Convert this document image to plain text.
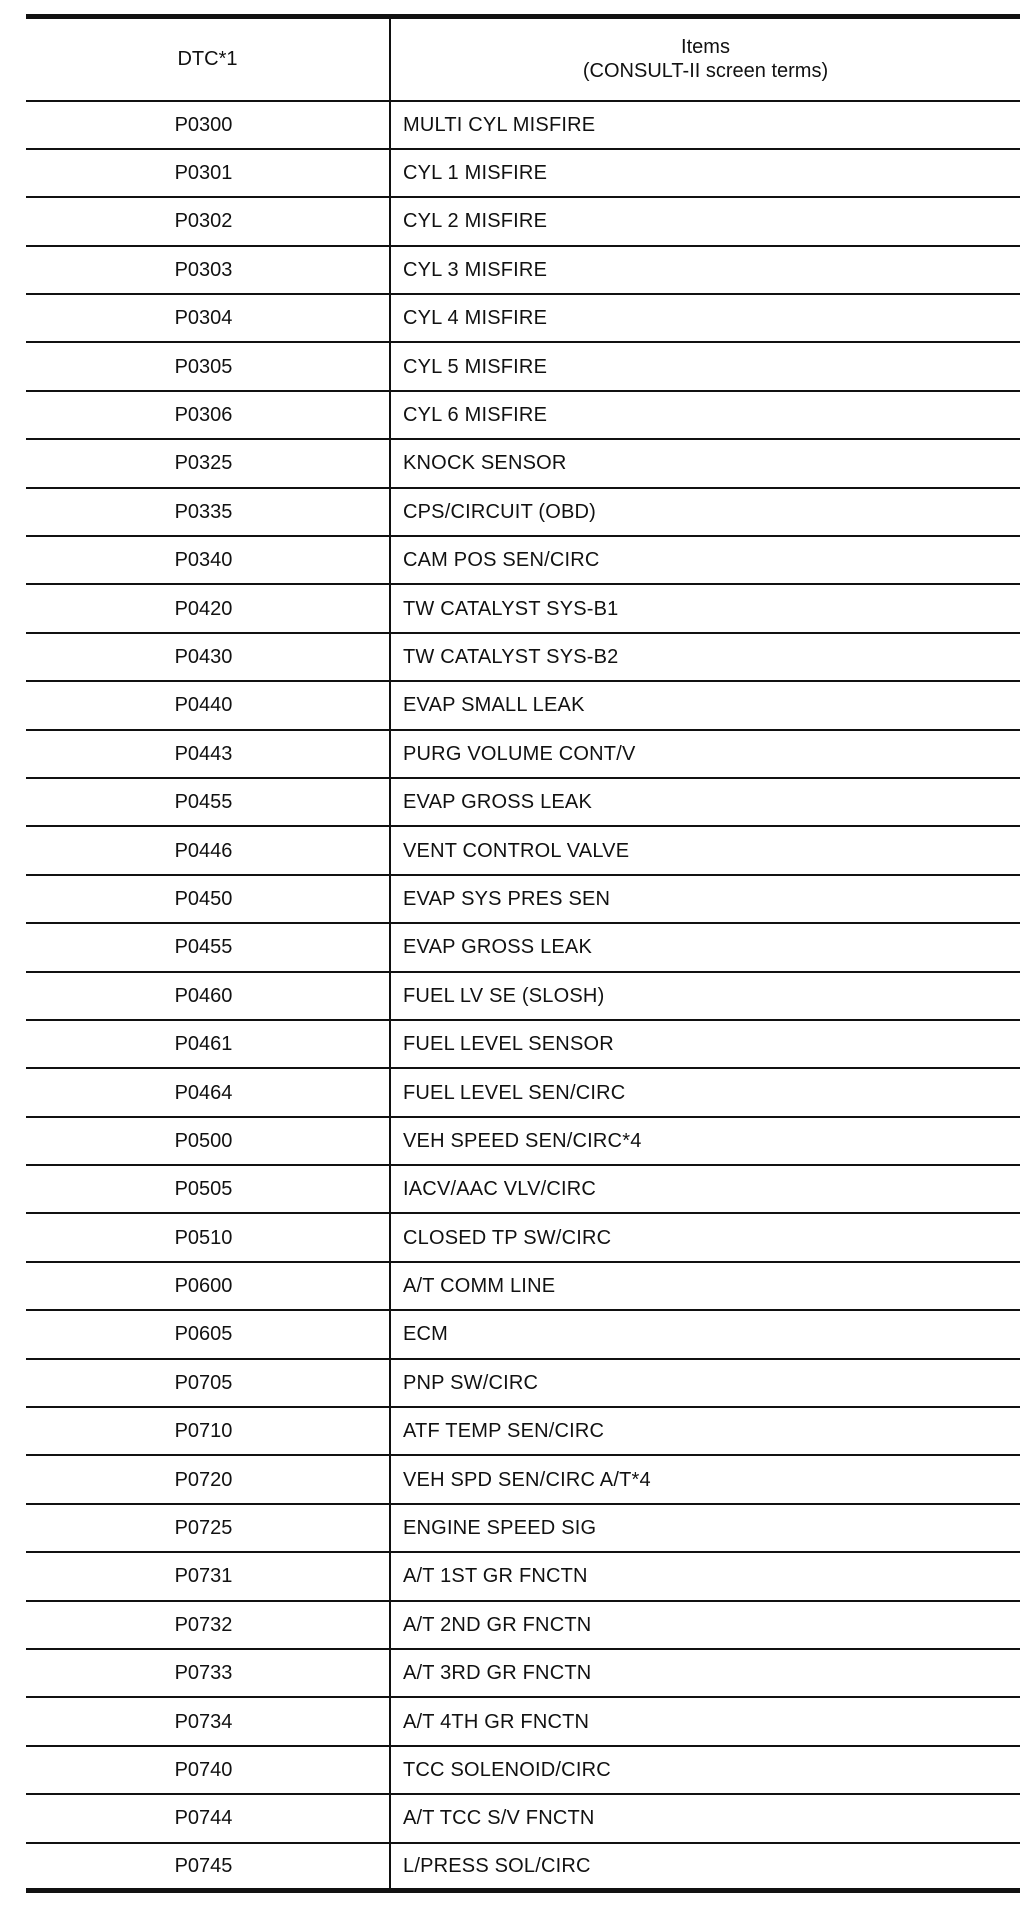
DTC*1	Items
(CONSULT-II screen terms)

P0300	MULTI CYL MISFIRE
P0301	CYL 1 MISFIRE
P0302	CYL 2 MISFIRE
P0303	CYL 3 MISFIRE
P0304	CYL 4 MISFIRE
P0305	CYL 5 MISFIRE
P0306	CYL 6 MISFIRE
P0325	KNOCK SENSOR
P0335	CPS/CIRCUIT (OBD)
P0340	CAM POS SEN/CIRC
P0420	TW CATALYST SYS-B1
P0430	TW CATALYST SYS-B2
P0440	EVAP SMALL LEAK
P0443	PURG VOLUME CONT/V
P0455	EVAP GROSS LEAK
P0446	VENT CONTROL VALVE
P0450	EVAP SYS PRES SEN
P0455	EVAP GROSS LEAK
P0460	FUEL LV SE (SLOSH)
P0461	FUEL LEVEL SENSOR
P0464	FUEL LEVEL SEN/CIRC
P0500	VEH SPEED SEN/CIRC*4
P0505	IACV/AAC VLV/CIRC
P0510	CLOSED TP SW/CIRC
P0600	A/T COMM LINE
P0605	ECM
P0705	PNP SW/CIRC
P0710	ATF TEMP SEN/CIRC
P0720	VEH SPD SEN/CIRC A/T*4
P0725	ENGINE SPEED SIG
P0731	A/T 1ST GR FNCTN
P0732	A/T 2ND GR FNCTN
P0733	A/T 3RD GR FNCTN
P0734	A/T 4TH GR FNCTN
P0740	TCC SOLENOID/CIRC
P0744	A/T TCC S/V FNCTN
P0745	L/PRESS SOL/CIRC
